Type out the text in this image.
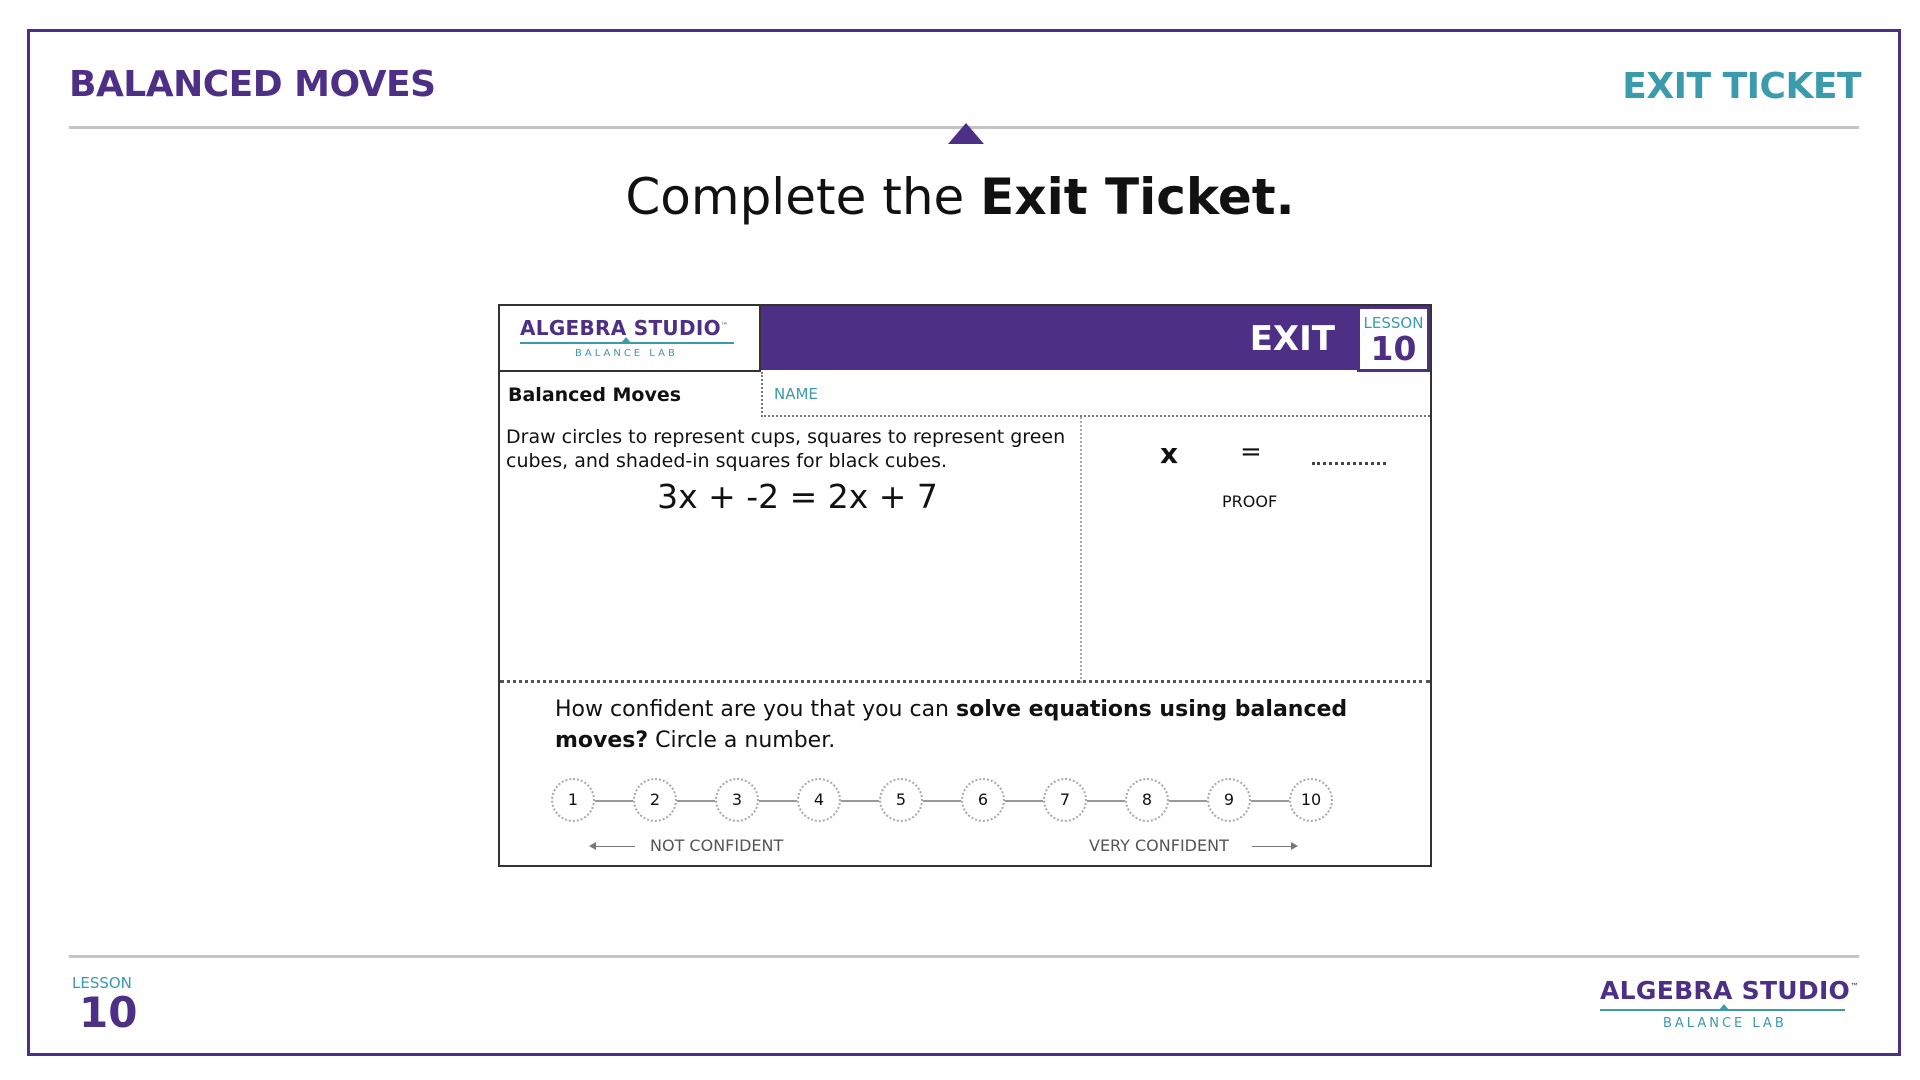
BALANCED MOVES	EXIT TICKET
Complete the Exit Ticket.
ALGEBRA STUDIO™
BALANCE LAB	EXIT LESSON
10
Balanced Moves	NAME
Draw circles to represent cups, squares to represent green cubes, and shaded-in squares for black cubes.
3x + -2 = 2x + 7
x =
PROOF
How confident are you that you can solve equations using balanced moves? Circle a number.
1	2	3	4	5	6	7	8	9	10
NOT CONFIDENT	VERY CONFIDENT
LESSON
10	ALGEBRA STUDIO™
BALANCE LAB
